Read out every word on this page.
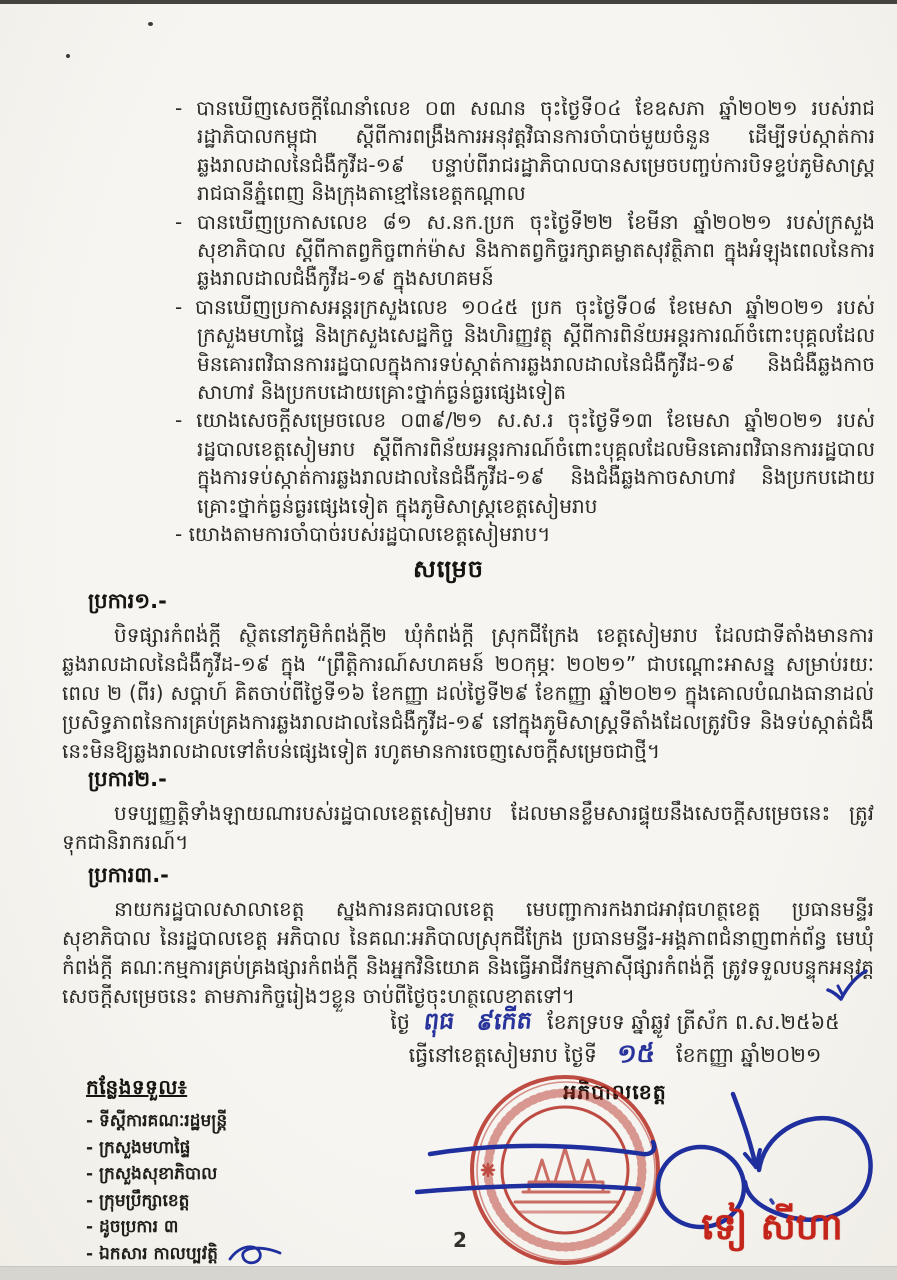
- បានឃើញសេចក្តីណែនាំលេខ ០៣ សណន ចុះថ្ងៃទី០៤ ខែឧសភា ឆ្នាំ២០២១ របស់រាជរដ្ឋាភិបាលកម្ពុជា ស្តីពីការពង្រឹងការអនុវត្តវិធានការចាំបាច់មួយចំនួន ដើម្បីទប់ស្កាត់ការឆ្លងរាលដាលនៃជំងឺកូវីដ-១៩ បន្ទាប់ពីរាជរដ្ឋាភិបាលបានសម្រេចបញ្ចប់ការបិទខ្ទប់ភូមិសាស្ត្រ រាជធានីភ្នំពេញ និងក្រុងតាខ្មៅនៃខេត្តកណ្តាល

- បានឃើញប្រកាសលេខ ៨១ ស.នក.ប្រក ចុះថ្ងៃទី២២ ខែមីនា ឆ្នាំ២០២១ របស់ក្រសួងសុខាភិបាល ស្តីពីកាតព្វកិច្ចពាក់ម៉ាស និងកាតព្វកិច្ចរក្សាគម្លាតសុវត្ថិភាព ក្នុងអំឡុងពេលនៃការឆ្លងរាលដាលជំងឺកូវីដ-១៩ ក្នុងសហគមន៍

- បានឃើញប្រកាសអន្តរក្រសួងលេខ ១០៤៥ ប្រក ចុះថ្ងៃទី០៨ ខែមេសា ឆ្នាំ២០២១ របស់ក្រសួងមហាផ្ទៃ និងក្រសួងសេដ្ឋកិច្ច និងហិរញ្ញវត្ថុ ស្តីពីការពិន័យអន្តរការណ៍ចំពោះបុគ្គលដែលមិនគោរពវិធានការរដ្ឋបាលក្នុងការទប់ស្កាត់ការឆ្លងរាលដាលនៃជំងឺកូវីដ-១៩ និងជំងឺឆ្លងកាចសាហាវ និងប្រកបដោយគ្រោះថ្នាក់ធ្ងន់ធ្ងរផ្សេងទៀត

- យោងសេចក្តីសម្រេចលេខ ០៣៩/២១ ស.ស.រ ចុះថ្ងៃទី១៣ ខែមេសា ឆ្នាំ២០២១ របស់រដ្ឋបាលខេត្តសៀមរាប ស្តីពីការពិន័យអន្តរការណ៍ចំពោះបុគ្គលដែលមិនគោរពវិធានការរដ្ឋបាល ក្នុងការទប់ស្កាត់ការឆ្លងរាលដាលនៃជំងឺកូវីដ-១៩ និងជំងឺឆ្លងកាចសាហាវ និងប្រកបដោយគ្រោះថ្នាក់ធ្ងន់ធ្ងរផ្សេងទៀត ក្នុងភូមិសាស្ត្រខេត្តសៀមរាប

- យោងតាមការចាំបាច់របស់រដ្ឋបាលខេត្តសៀមរាប។

សម្រេច
ប្រការ១.-

បិទផ្សារកំពង់ក្តី ស្ថិតនៅភូមិកំពង់ក្តី២ ឃុំកំពង់ក្តី ស្រុកជីក្រែង ខេត្តសៀមរាប ដែលជាទីតាំងមានការឆ្លងរាលដាលនៃជំងឺកូវីដ-១៩ ក្នុង “ព្រឹត្តិការណ៍សហគមន៍ ២០កុម្ភៈ ២០២១” ជាបណ្តោះអាសន្ន សម្រាប់រយៈពេល ២ (ពីរ) សប្តាហ៍ គិតចាប់ពីថ្ងៃទី១៦ ខែកញ្ញា ដល់ថ្ងៃទី២៩ ខែកញ្ញា ឆ្នាំ២០២១ ក្នុងគោលបំណងធានាដល់ប្រសិទ្ធភាពនៃការគ្រប់គ្រងការឆ្លងរាលដាលនៃជំងឺកូវីដ-១៩ នៅក្នុងភូមិសាស្ត្រទីតាំងដែលត្រូវបិទ និងទប់ស្កាត់ជំងឺនេះមិនឱ្យឆ្លងរាលដាលទៅតំបន់ផ្សេងទៀត រហូតមានការចេញសេចក្តីសម្រេចជាថ្មី។

ប្រការ២.-

បទប្បញ្ញត្តិទាំងឡាយណារបស់រដ្ឋបាលខេត្តសៀមរាប ដែលមានខ្លឹមសារផ្ទុយនឹងសេចក្តីសម្រេចនេះ ត្រូវទុកជានិរាករណ៍។

ប្រការ៣.-

នាយករដ្ឋបាលសាលាខេត្ត ស្នងការនគរបាលខេត្ត មេបញ្ជាការកងរាជអាវុធហត្ថខេត្ត ប្រធានមន្ទីរសុខាភិបាល នៃរដ្ឋបាលខេត្ត អភិបាល នៃគណៈអភិបាលស្រុកជីក្រែង ប្រធានមន្ទីរ-អង្គភាពជំនាញពាក់ព័ន្ធ មេឃុំកំពង់ក្តី គណៈកម្មការគ្រប់គ្រងផ្សារកំពង់ក្តី និងអ្នកវិនិយោគ និងធ្វើអាជីវកម្មភាស៊ីផ្សារកំពង់ក្តី ត្រូវទទួលបន្ទុកអនុវត្តសេចក្តីសម្រេចនេះ តាមភារកិច្ចរៀងៗខ្លួន ចាប់ពីថ្ងៃចុះហត្ថលេខាតទៅ។

ថ្ងៃ ពុធ ៩កើត ខែភទ្របទ ឆ្នាំឆ្លូវ ត្រីស័ក ព.ស.២៥៦៥

ធ្វើនៅខេត្តសៀមរាប ថ្ងៃទី ១៥ ខែកញ្ញា ឆ្នាំ២០២១

អភិបាលខេត្ត

ទៀ សីហា
កន្លែងទទួល៖

- ទីស្តីការគណៈរដ្ឋមន្ត្រី

- ក្រសួងមហាផ្ទៃ

- ក្រសួងសុខាភិបាល

- ក្រុមប្រឹក្សាខេត្ត

- ដូចប្រការ ៣

- ឯកសារ កាលប្បវត្តិ

2
